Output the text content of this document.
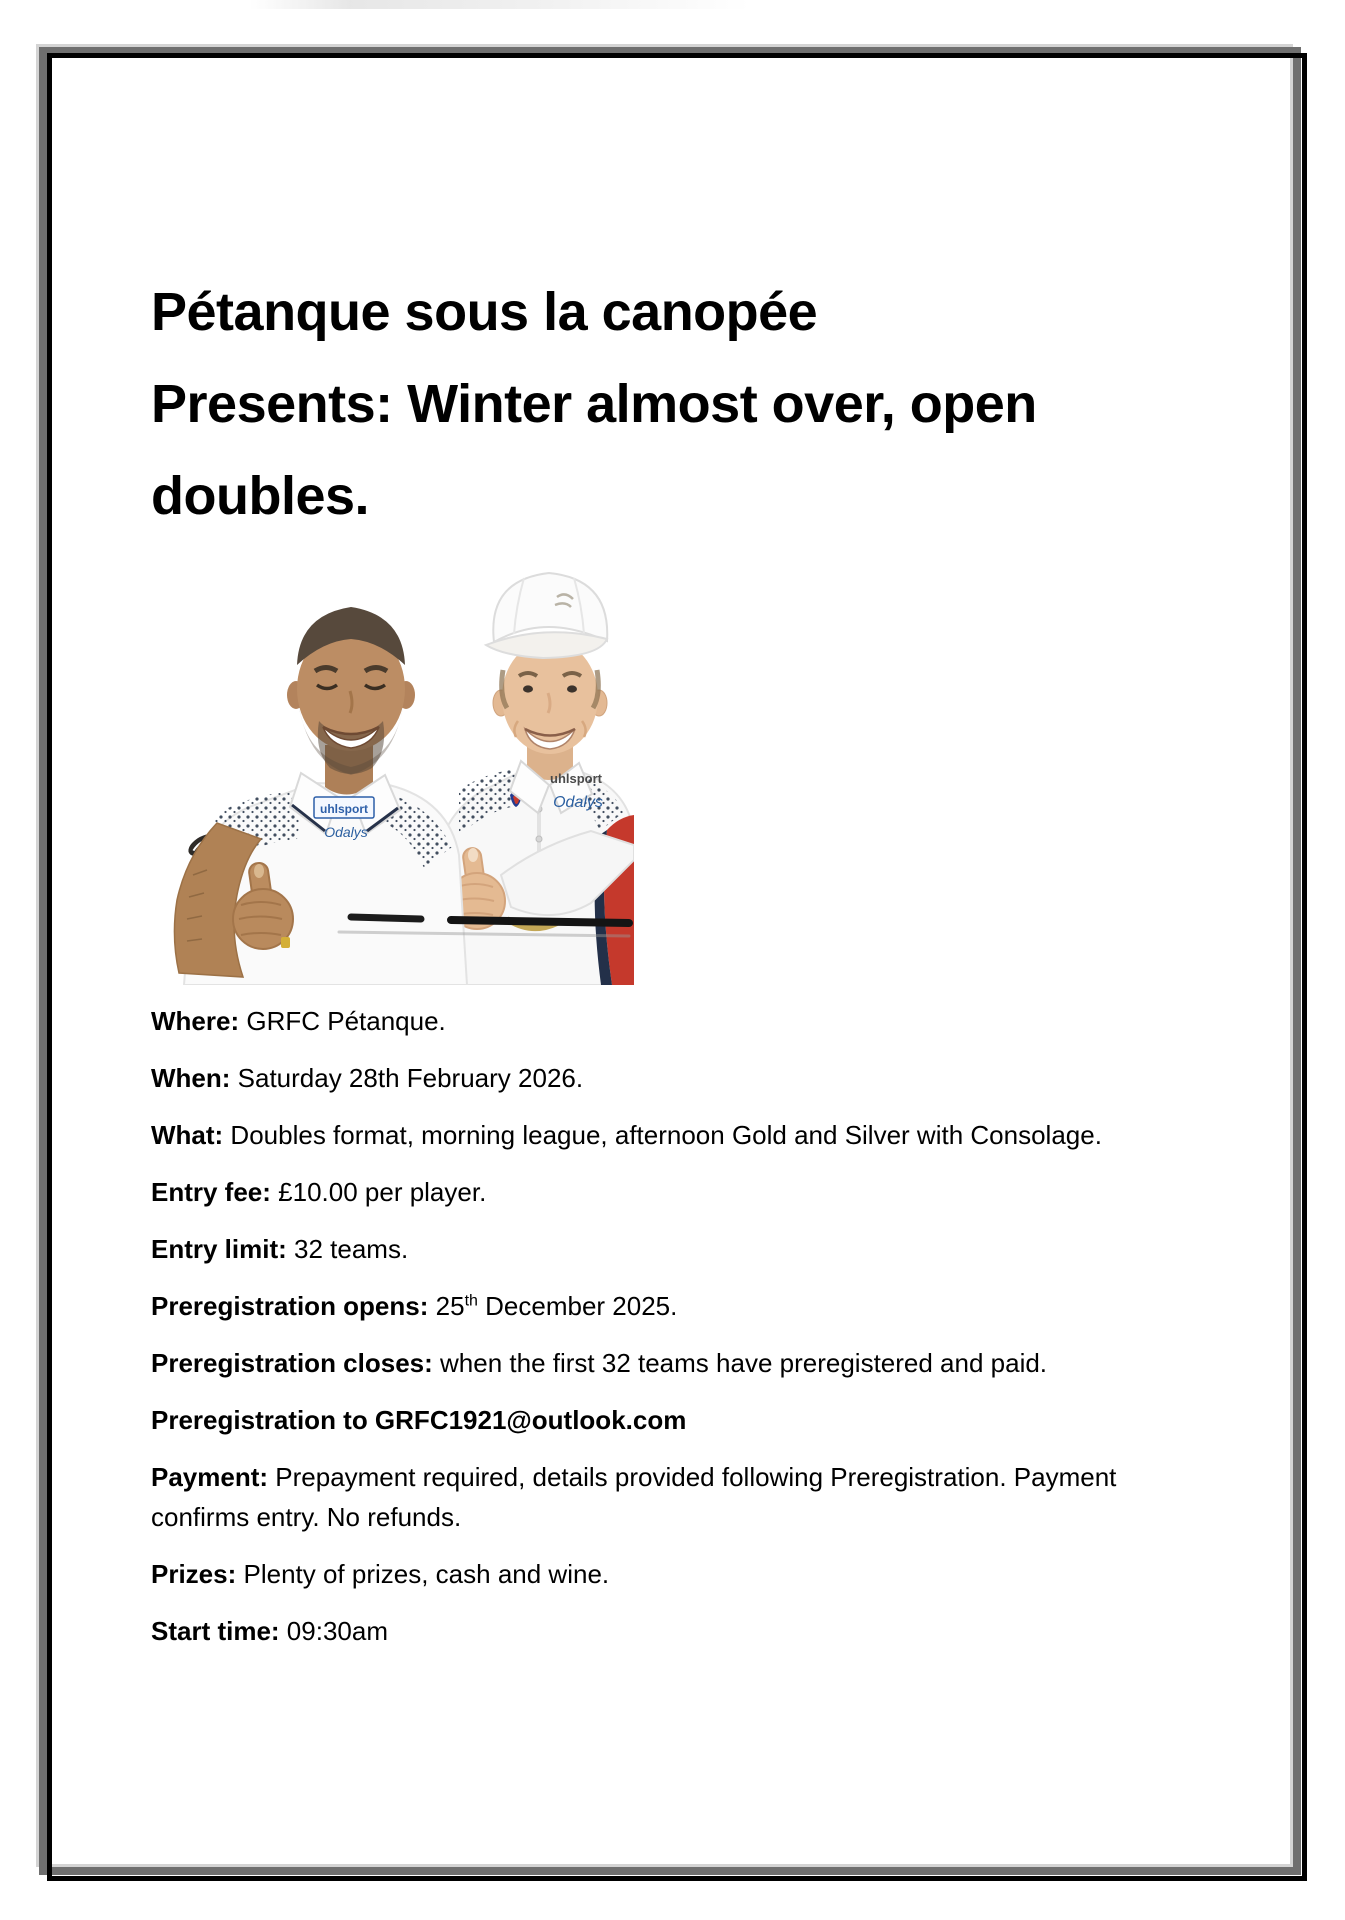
Pétanque sous la canopée
Presents: Winter almost over, open
doubles.
uhlsport
Odalys
uhlsport
Odalys

Where: GRFC Pétanque.

When: Saturday 28th February 2026.

What: Doubles format, morning league, afternoon Gold and Silver with Consolage.

Entry fee: £10.00 per player.

Entry limit: 32 teams.

Preregistration opens: 25th December 2025.

Preregistration closes: when the first 32 teams have preregistered and paid.

Preregistration to GRFC1921@outlook.com

Payment: Prepayment required, details provided following Preregistration. Payment
confirms entry. No refunds.

Prizes: Plenty of prizes, cash and wine.

Start time: 09:30am
